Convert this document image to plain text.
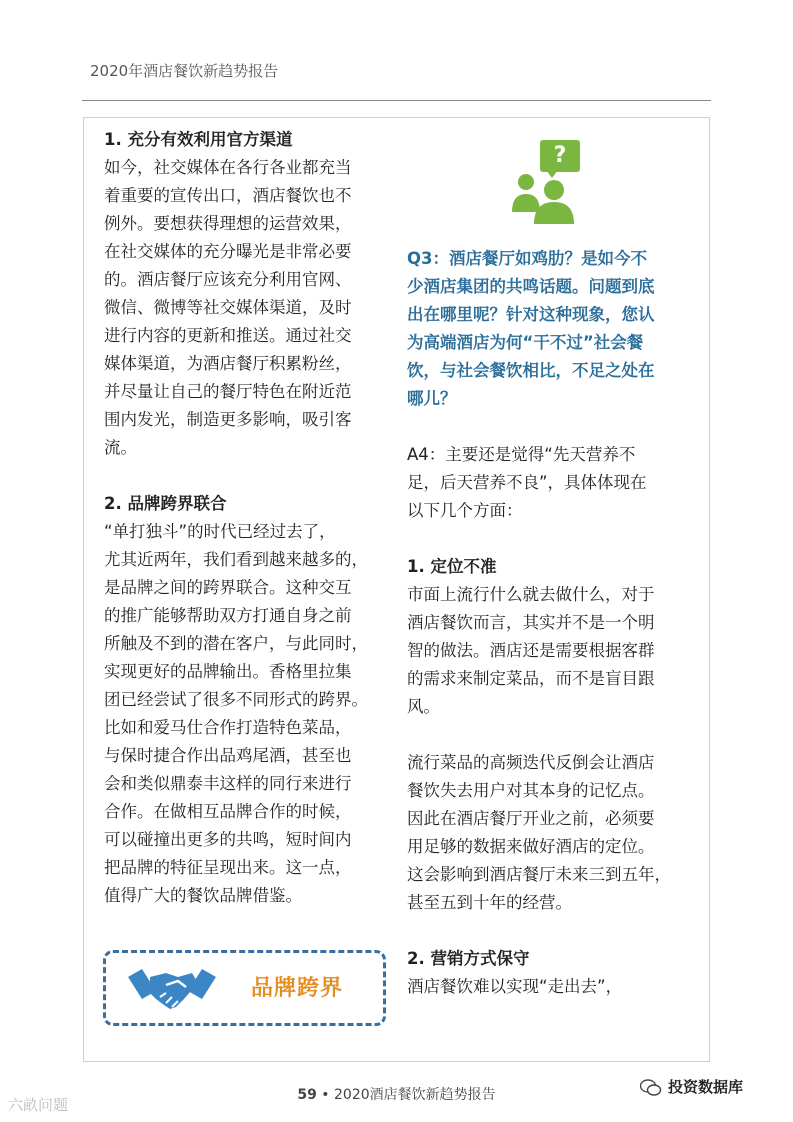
2020年酒店餐饮新趋势报告
1. 充分有效利用官方渠道
如今，社交媒体在各行各业都充当
着重要的宣传出口，酒店餐饮也不
例外。要想获得理想的运营效果，
在社交媒体的充分曝光是非常必要
的。酒店餐厅应该充分利用官网、
微信、微博等社交媒体渠道，及时
进行内容的更新和推送。通过社交
媒体渠道，为酒店餐厅积累粉丝，
并尽量让自己的餐厅特色在附近范
围内发光，制造更多影响，吸引客
流。
2. 品牌跨界联合
“单打独斗”的时代已经过去了，
尤其近两年，我们看到越来越多的，
是品牌之间的跨界联合。这种交互
的推广能够帮助双方打通自身之前
所触及不到的潜在客户，与此同时，
实现更好的品牌输出。香格里拉集
团已经尝试了很多不同形式的跨界。
比如和爱马仕合作打造特色菜品，
与保时捷合作出品鸡尾酒，甚至也
会和类似鼎泰丰这样的同行来进行
合作。在做相互品牌合作的时候，
可以碰撞出更多的共鸣，短时间内
把品牌的特征呈现出来。这一点，
值得广大的餐饮品牌借鉴。
品牌跨界
?
Q3：酒店餐厅如鸡肋？是如今不
少酒店集团的共鸣话题。问题到底
出在哪里呢？针对这种现象，您认
为高端酒店为何“干不过”社会餐
饮，与社会餐饮相比，不足之处在
哪儿？
A4：主要还是觉得“先天营养不
足，后天营养不良”，具体体现在
以下几个方面：
1. 定位不准
市面上流行什么就去做什么，对于
酒店餐饮而言，其实并不是一个明
智的做法。酒店还是需要根据客群
的需求来制定菜品，而不是盲目跟
风。
流行菜品的高频迭代反倒会让酒店
餐饮失去用户对其本身的记忆点。
因此在酒店餐厅开业之前，必须要
用足够的数据来做好酒店的定位。
这会影响到酒店餐厅未来三到五年，
甚至五到十年的经营。
2. 营销方式保守
酒店餐饮难以实现“走出去”，
59 • 2020酒店餐饮新趋势报告
六畝问题
投资数据库
